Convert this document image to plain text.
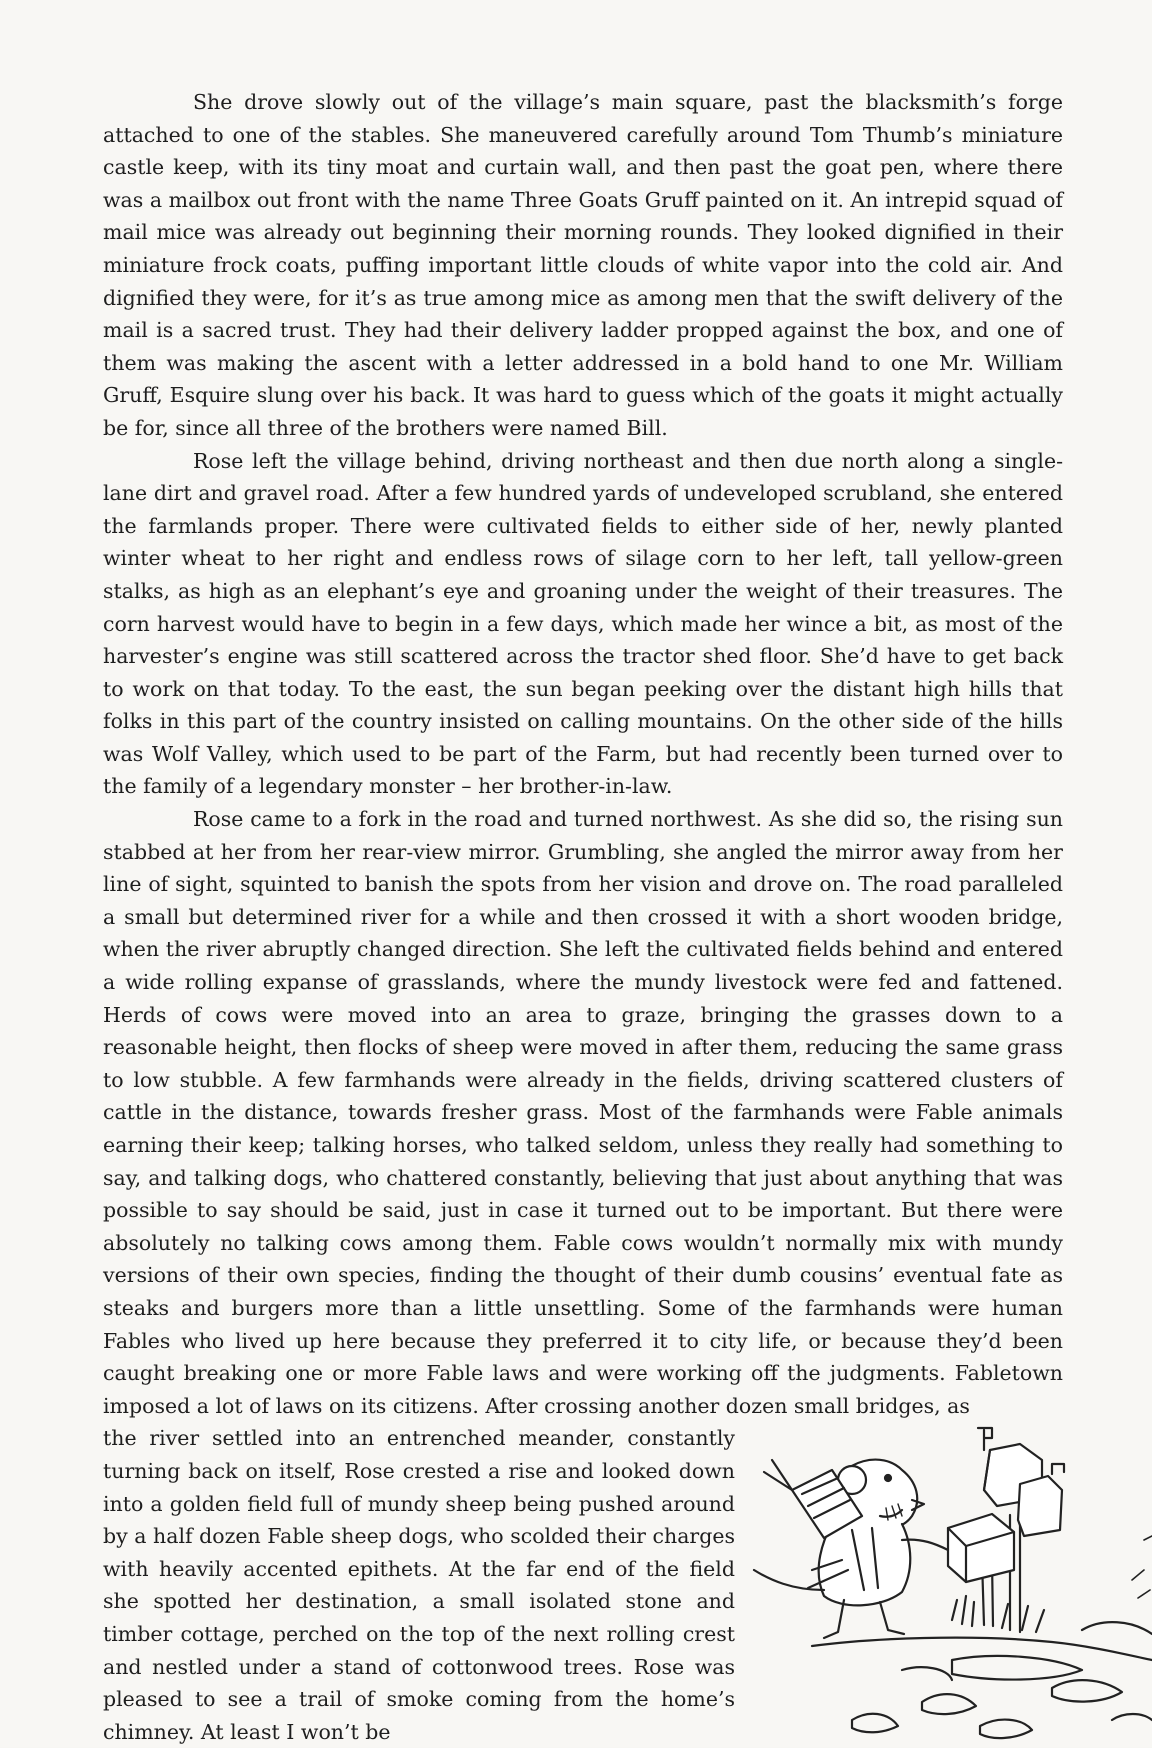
She drove slowly out of the village’s main square, past the blacksmith’s forge attached to one of the stables. She maneuvered carefully around Tom Thumb’s miniature castle keep, with its tiny moat and curtain wall, and then past the goat pen, where there was a mailbox out front with the name Three Goats Gruff painted on it. An intrepid squad of mail mice was already out beginning their morning rounds. They looked dignified in their miniature frock coats, puffing important little clouds of white vapor into the cold air. And dignified they were, for it’s as true among mice as among men that the swift delivery of the mail is a sacred trust. They had their delivery ladder propped against the box, and one of them was making the ascent with a letter addressed in a bold hand to one Mr. William Gruff, Esquire slung over his back. It was hard to guess which of the goats it might actually be for, since all three of the brothers were named Bill.

Rose left the village behind, driving northeast and then due north along a single-lane dirt and gravel road. After a few hundred yards of undeveloped scrubland, she entered the farmlands proper. There were cultivated fields to either side of her, newly planted winter wheat to her right and endless rows of silage corn to her left, tall yellow-green stalks, as high as an elephant’s eye and groaning under the weight of their treasures. The corn harvest would have to begin in a few days, which made her wince a bit, as most of the harvester’s engine was still scattered across the tractor shed floor. She’d have to get back to work on that today. To the east, the sun began peeking over the distant high hills that folks in this part of the country insisted on calling mountains. On the other side of the hills was Wolf Valley, which used to be part of the Farm, but had recently been turned over to the family of a legendary monster – her brother-in-law.

Rose came to a fork in the road and turned northwest. As she did so, the rising sun stabbed at her from her rear-view mirror. Grumbling, she angled the mirror away from her line of sight, squinted to banish the spots from her vision and drove on. The road paralleled a small but determined river for a while and then crossed it with a short wooden bridge, when the river abruptly changed direction. She left the cultivated fields behind and entered a wide rolling expanse of grasslands, where the mundy livestock were fed and fattened. Herds of cows were moved into an area to graze, bringing the grasses down to a reasonable height, then flocks of sheep were moved in after them, reducing the same grass to low stubble. A few farmhands were already in the fields, driving scattered clusters of cattle in the distance, towards fresher grass. Most of the farmhands were Fable animals earning their keep; talking horses, who talked seldom, unless they really had something to say, and talking dogs, who chattered constantly, believing that just about anything that was possible to say should be said, just in case it turned out to be important. But there were absolutely no talking cows among them. Fable cows wouldn’t normally mix with mundy versions of their own species, finding the thought of their dumb cousins’ eventual fate as steaks and burgers more than a little unsettling. Some of the farmhands were human Fables who lived up here because they preferred it to city life, or because they’d been caught breaking one or more Fable laws and were working off the judgments. Fabletown imposed a lot of laws on its citizens. After crossing another dozen small bridges, as

the river settled into an entrenched meander, constantly turning back on itself, Rose crested a rise and looked down into a golden field full of mundy sheep being pushed around by a half dozen Fable sheep dogs, who scolded their charges with heavily accented epithets. At the far end of the field she spotted her destination, a small isolated stone and timber cottage, perched on the top of the next rolling crest and nestled under a stand of cottonwood trees. Rose was pleased to see a trail of smoke coming from the home’s chimney. At least I won’t be
